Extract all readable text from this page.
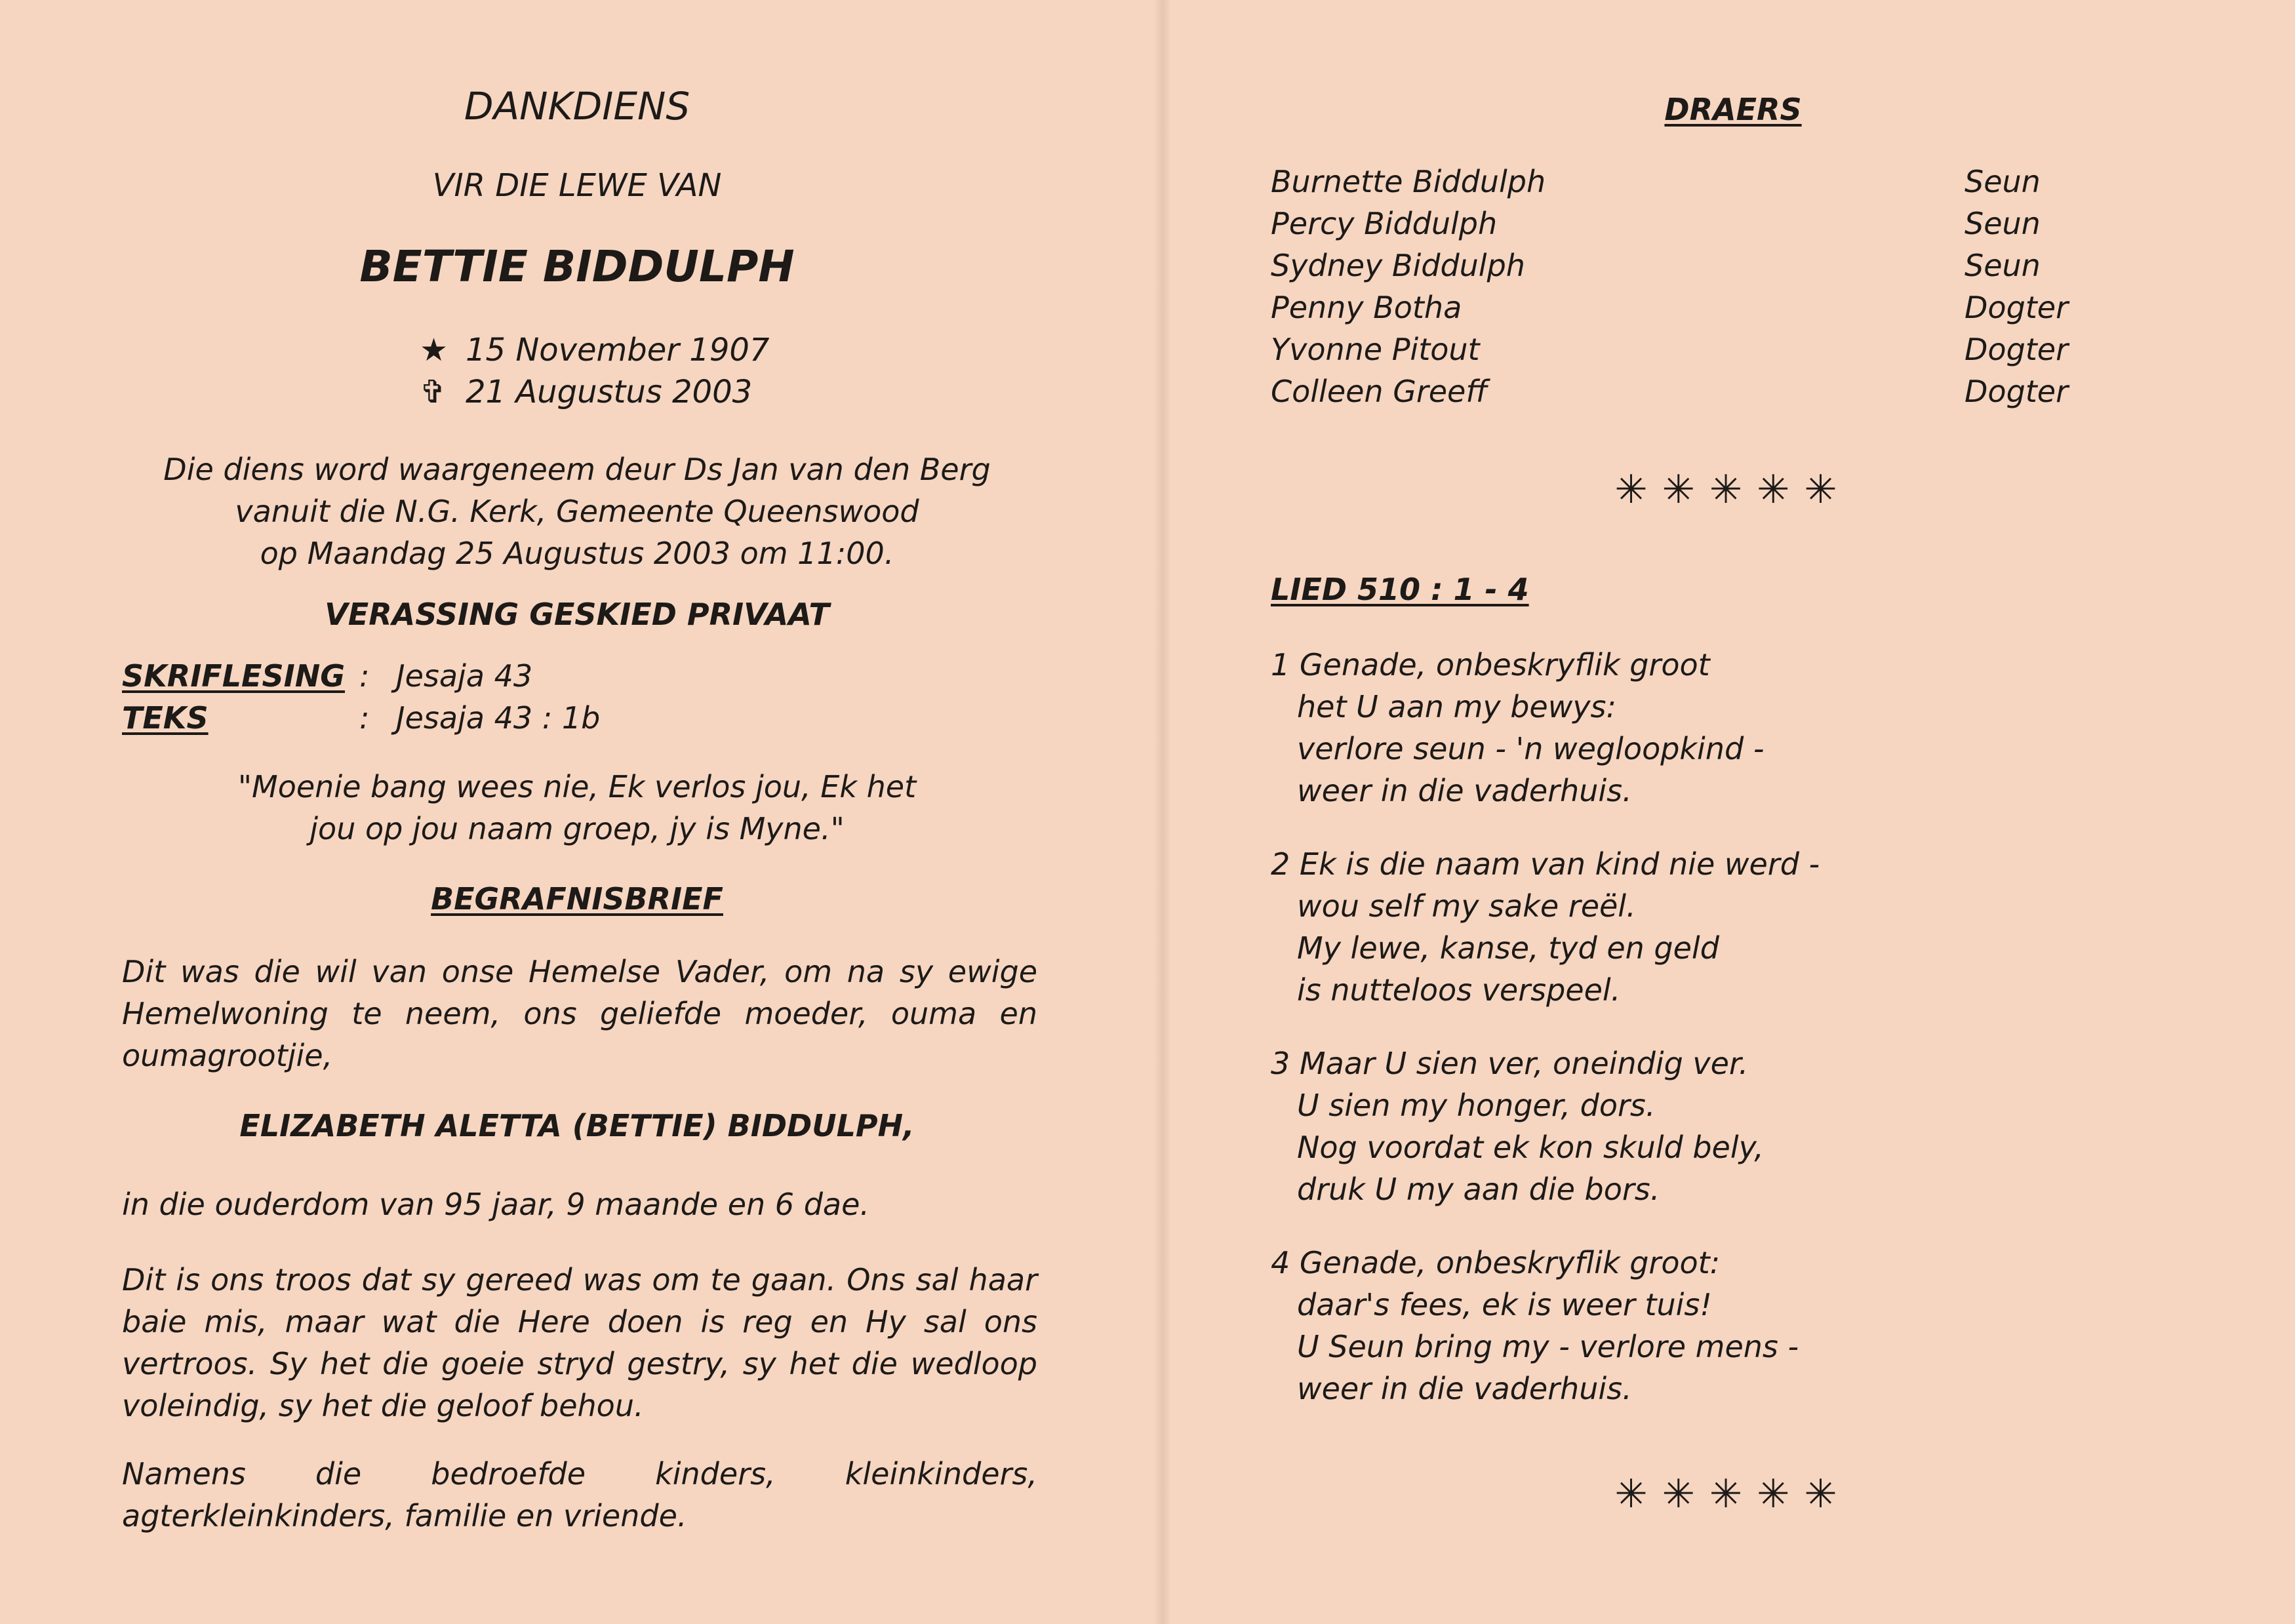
DANKDIENS
VIR DIE LEWE VAN
BETTIE BIDDULPH
★ 15 November 1907
✞ 21 Augustus 2003
Die diens word waargeneem deur Ds Jan van den Berg
vanuit die N.G. Kerk, Gemeente Queenswood
op Maandag 25 Augustus 2003 om 11:00.
VERASSING GESKIED PRIVAAT
SKRIFLESING : Jesaja 43
TEKS	: Jesaja 43 : 1b
"Moenie bang wees nie, Ek verlos jou, Ek het
jou op jou naam groep, jy is Myne."
BEGRAFNISBRIEF
Dit was die wil van onse Hemelse Vader, om na sy ewige Hemelwoning te neem, ons geliefde moeder, ouma en oumagrootjie,
ELIZABETH ALETTA (BETTIE) BIDDULPH,
in die ouderdom van 95 jaar, 9 maande en 6 dae.
Dit is ons troos dat sy gereed was om te gaan. Ons sal haar baie mis, maar wat die Here doen is reg en Hy sal ons vertroos. Sy het die goeie stryd gestry, sy het die wedloop voleindig, sy het die geloof behou.
Namens die bedroefde kinders, kleinkinders, agterkleinkinders, familie en vriende.
DRAERS
Burnette Biddulph	Seun
Percy Biddulph	Seun
Sydney Biddulph	Seun
Penny Botha	Dogter
Yvonne Pitout	Dogter
Colleen Greeff	Dogter
✳✳✳✳✳
LIED 510 : 1 - 4
1 Genade, onbeskryflik groot
het U aan my bewys:
verlore seun - 'n wegloopkind -
weer in die vaderhuis.
2 Ek is die naam van kind nie werd -
wou self my sake reël.
My lewe, kanse, tyd en geld
is nutteloos verspeel.
3 Maar U sien ver, oneindig ver.
U sien my honger, dors.
Nog voordat ek kon skuld bely,
druk U my aan die bors.
4 Genade, onbeskryflik groot:
daar's fees, ek is weer tuis!
U Seun bring my - verlore mens -
weer in die vaderhuis.
✳✳✳✳✳
